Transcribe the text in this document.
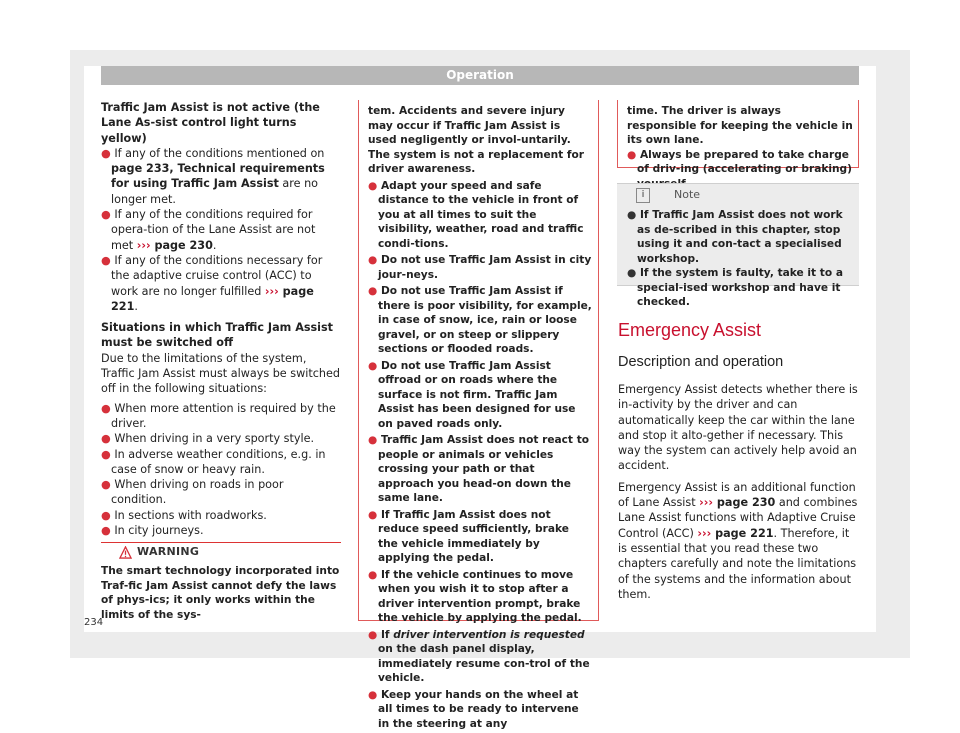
Operation

Traffic Jam Assist is not active (the Lane As-sist control light turns yellow)

● If any of the conditions mentioned on page 233, Technical requirements for using Traffic Jam Assist are no longer met.

● If any of the conditions required for opera-tion of the Lane Assist are not met ››› page 230.

● If any of the conditions necessary for the adaptive cruise control (ACC) to work are no longer fulfilled ››› page 221.

Situations in which Traffic Jam Assist must be switched off

Due to the limitations of the system, Traffic Jam Assist must always be switched off in the following situations:

● When more attention is required by the driver.

● When driving in a very sporty style.

● In adverse weather conditions, e.g. in case of snow or heavy rain.

● When driving on roads in poor condition.

● In sections with roadworks.

● In city journeys.

WARNING
The smart technology incorporated into Traf-fic Jam Assist cannot defy the laws of phys-ics; it only works within the limits of the sys-

tem. Accidents and severe injury may occur if Traffic Jam Assist is used negligently or invol-untarily. The system is not a replacement for driver awareness.

● Adapt your speed and safe distance to the vehicle in front of you at all times to suit the visibility, weather, road and traffic condi-tions.

● Do not use Traffic Jam Assist in city jour-neys.

● Do not use Traffic Jam Assist if there is poor visibility, for example, in case of snow, ice, rain or loose gravel, or on steep or slippery sections or flooded roads.

● Do not use Traffic Jam Assist offroad or on roads where the surface is not firm. Traffic Jam Assist has been designed for use on paved roads only.

● Traffic Jam Assist does not react to people or animals or vehicles crossing your path or that approach you head-on down the same lane.

● If Traffic Jam Assist does not reduce speed sufficiently, brake the vehicle immediately by applying the pedal.

● If the vehicle continues to move when you wish it to stop after a driver intervention prompt, brake the vehicle by applying the pedal.

● If driver intervention is requested on the dash panel display, immediately resume con-trol of the vehicle.

● Keep your hands on the wheel at all times to be ready to intervene in the steering at any

time. The driver is always responsible for keeping the vehicle in its own lane.

● Always be prepared to take charge of driv-ing (accelerating or braking)

i	Note

● If Traffic Jam Assist does not work as de-scribed in this chapter, stop using it and con-tact a specialised workshop.

● If the system is faulty, take it to a special-ised workshop and have it checked.

Emergency Assist
Description and operation

Emergency Assist detects whether there is in-activity by the driver and can automatically keep the car within the lane and stop it alto-gether if necessary. This way the system can actively help avoid an accident.

Emergency Assist is an additional function of Lane Assist ››› page 230 and combines Lane Assist functions with Adaptive Cruise Control (ACC) ››› page 221. Therefore, it is essential that you read these two chapters carefully and note the limitations of the systems and the information about them.

234
